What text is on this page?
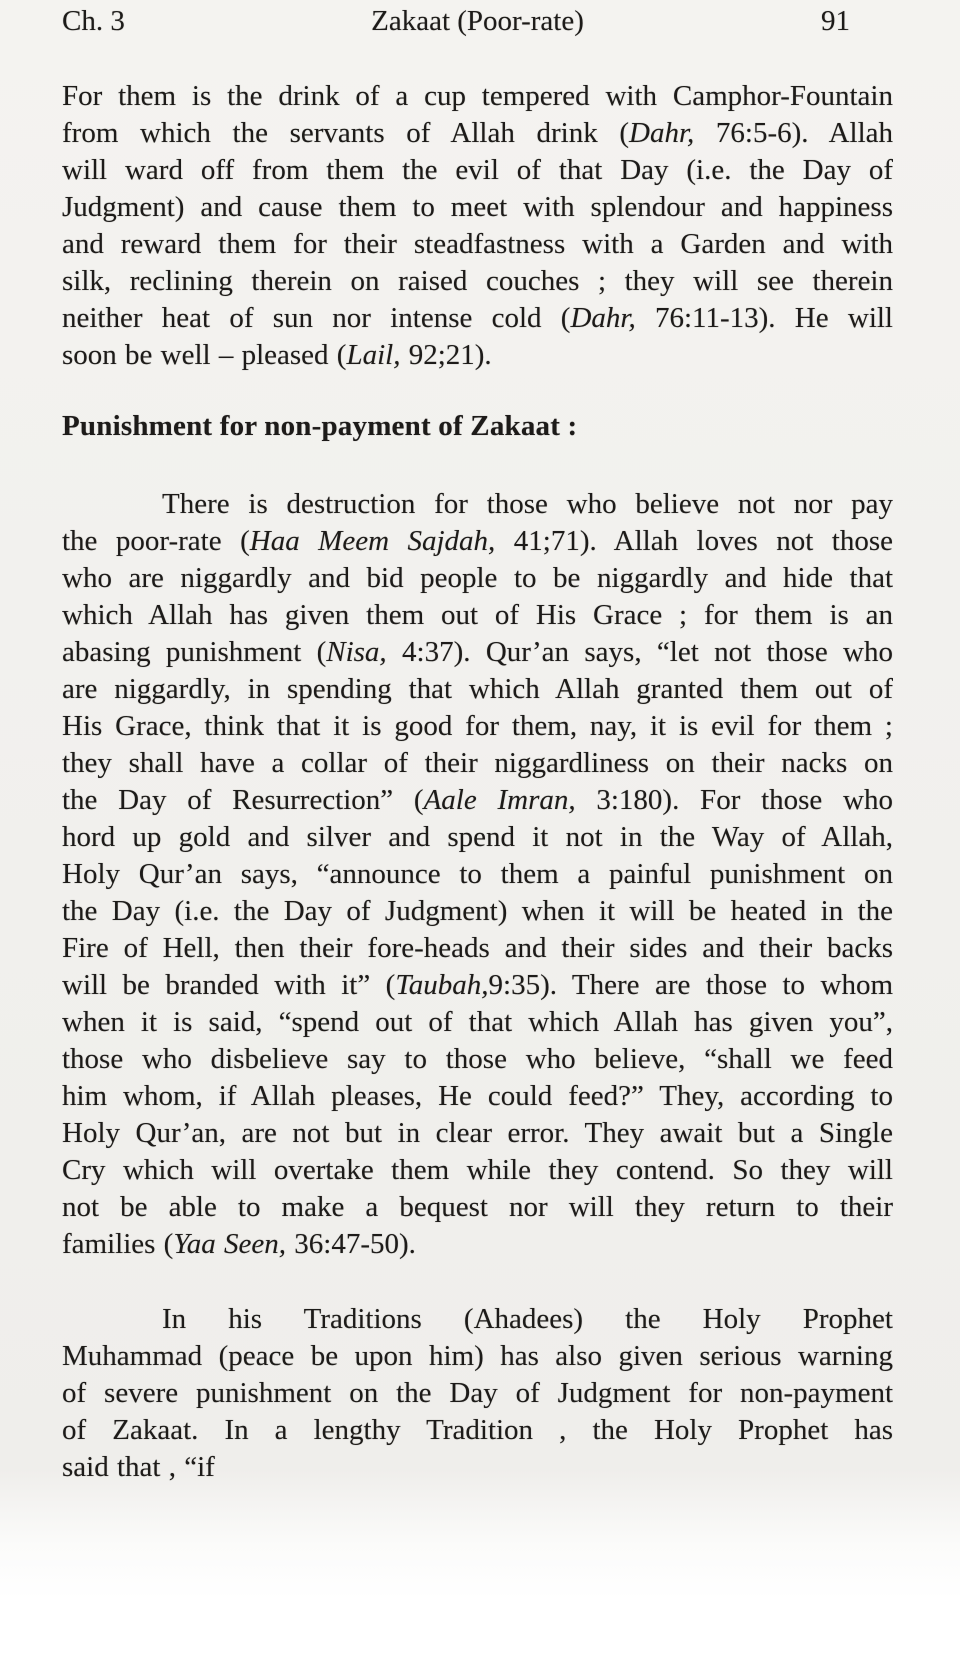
Ch. 3	Zakaat (Poor-rate)	91
For them is the drink of a cup tempered with Camphor-Fountain
from which the servants of Allah drink (Dahr, 76:5-6). Allah
will ward off from them the evil of that Day (i.e. the Day of
Judgment) and cause them to meet with splendour and happiness
and reward them for their steadfastness with a Garden and with
silk, reclining therein on raised couches ; they will see therein
neither heat of sun nor intense cold (Dahr, 76:11-13). He will
soon be well – pleased (Lail, 92;21).
Punishment for non-payment of Zakaat :
There is destruction for those who believe not nor pay
the poor-rate (Haa Meem Sajdah, 41;71). Allah loves not those
who are niggardly and bid people to be niggardly and hide that
which Allah has given them out of His Grace ; for them is an
abasing punishment (Nisa, 4:37). Qur’an says, “let not those who
are niggardly, in spending that which Allah granted them out of
His Grace, think that it is good for them, nay, it is evil for them ;
they shall have a collar of their niggardliness on their nacks on
the Day of Resurrection” (Aale Imran, 3:180). For those who
hord up gold and silver and spend it not in the Way of Allah,
Holy Qur’an says, “announce to them a painful punishment on
the Day (i.e. the Day of Judgment) when it will be heated in the
Fire of Hell, then their fore-heads and their sides and their backs
will be branded with it” (Taubah,9:35). There are those to whom
when it is said, “spend out of that which Allah has given you”,
those who disbelieve say to those who believe, “shall we feed
him whom, if Allah pleases, He could feed?” They, according to
Holy Qur’an, are not but in clear error. They await but a Single
Cry which will overtake them while they contend. So they will
not be able to make a bequest nor will they return to their
families (Yaa Seen, 36:47-50).
In his Traditions (Ahadees) the Holy Prophet
Muhammad (peace be upon him) has also given serious warning
of severe punishment on the Day of Judgment for non-payment
of Zakaat. In a lengthy Tradition , the Holy Prophet has
said that , “if
